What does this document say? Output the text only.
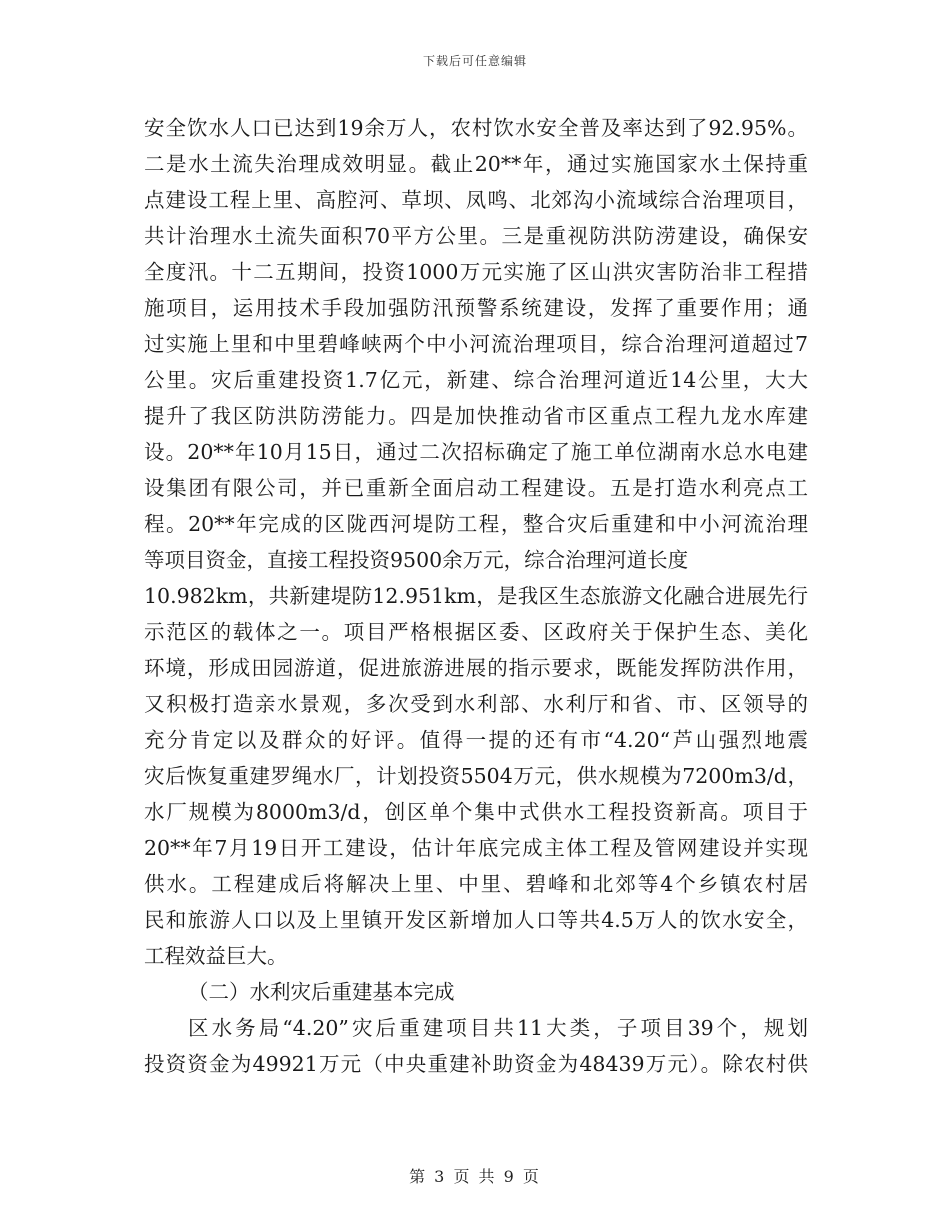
下载后可任意编辑
安全饮水人口已达到19余万人，农村饮水安全普及率达到了92.95%。
二是水土流失治理成效明显。截止20**年，通过实施国家水土保持重
点建设工程上里、高腔河、草坝、凤鸣、北郊沟小流域综合治理项目，
共计治理水土流失面积70平方公里。三是重视防洪防涝建设，确保安
全度汛。十二五期间，投资1000万元实施了区山洪灾害防治非工程措
施项目，运用技术手段加强防汛预警系统建设，发挥了重要作用；通
过实施上里和中里碧峰峡两个中小河流治理项目，综合治理河道超过7
公里。灾后重建投资1.7亿元，新建、综合治理河道近14公里，大大
提升了我区防洪防涝能力。四是加快推动省市区重点工程九龙水库建
设。20**年10月15日，通过二次招标确定了施工单位湖南水总水电建
设集团有限公司，并已重新全面启动工程建设。五是打造水利亮点工
程。20**年完成的区陇西河堤防工程，整合灾后重建和中小河流治理
等项目资金，直接工程投资9500余万元，综合治理河道长度
10.982km，共新建堤防12.951km，是我区生态旅游文化融合进展先行
示范区的载体之一。项目严格根据区委、区政府关于保护生态、美化
环境，形成田园游道，促进旅游进展的指示要求，既能发挥防洪作用，
又积极打造亲水景观，多次受到水利部、水利厅和省、市、区领导的
充分肯定以及群众的好评。值得一提的还有市“4.20“芦山强烈地震
灾后恢复重建罗绳水厂，计划投资5504万元，供水规模为7200m3/d，
水厂规模为8000m3/d，创区单个集中式供水工程投资新高。项目于
20**年7月19日开工建设，估计年底完成主体工程及管网建设并实现
供水。工程建成后将解决上里、中里、碧峰和北郊等4个乡镇农村居
民和旅游人口以及上里镇开发区新增加人口等共4.5万人的饮水安全，
工程效益巨大。
（二）水利灾后重建基本完成
区水务局“4.20”灾后重建项目共11大类，子项目39个，规划
投资资金为49921万元（中央重建补助资金为48439万元）。除农村供
第 3 页 共 9 页
